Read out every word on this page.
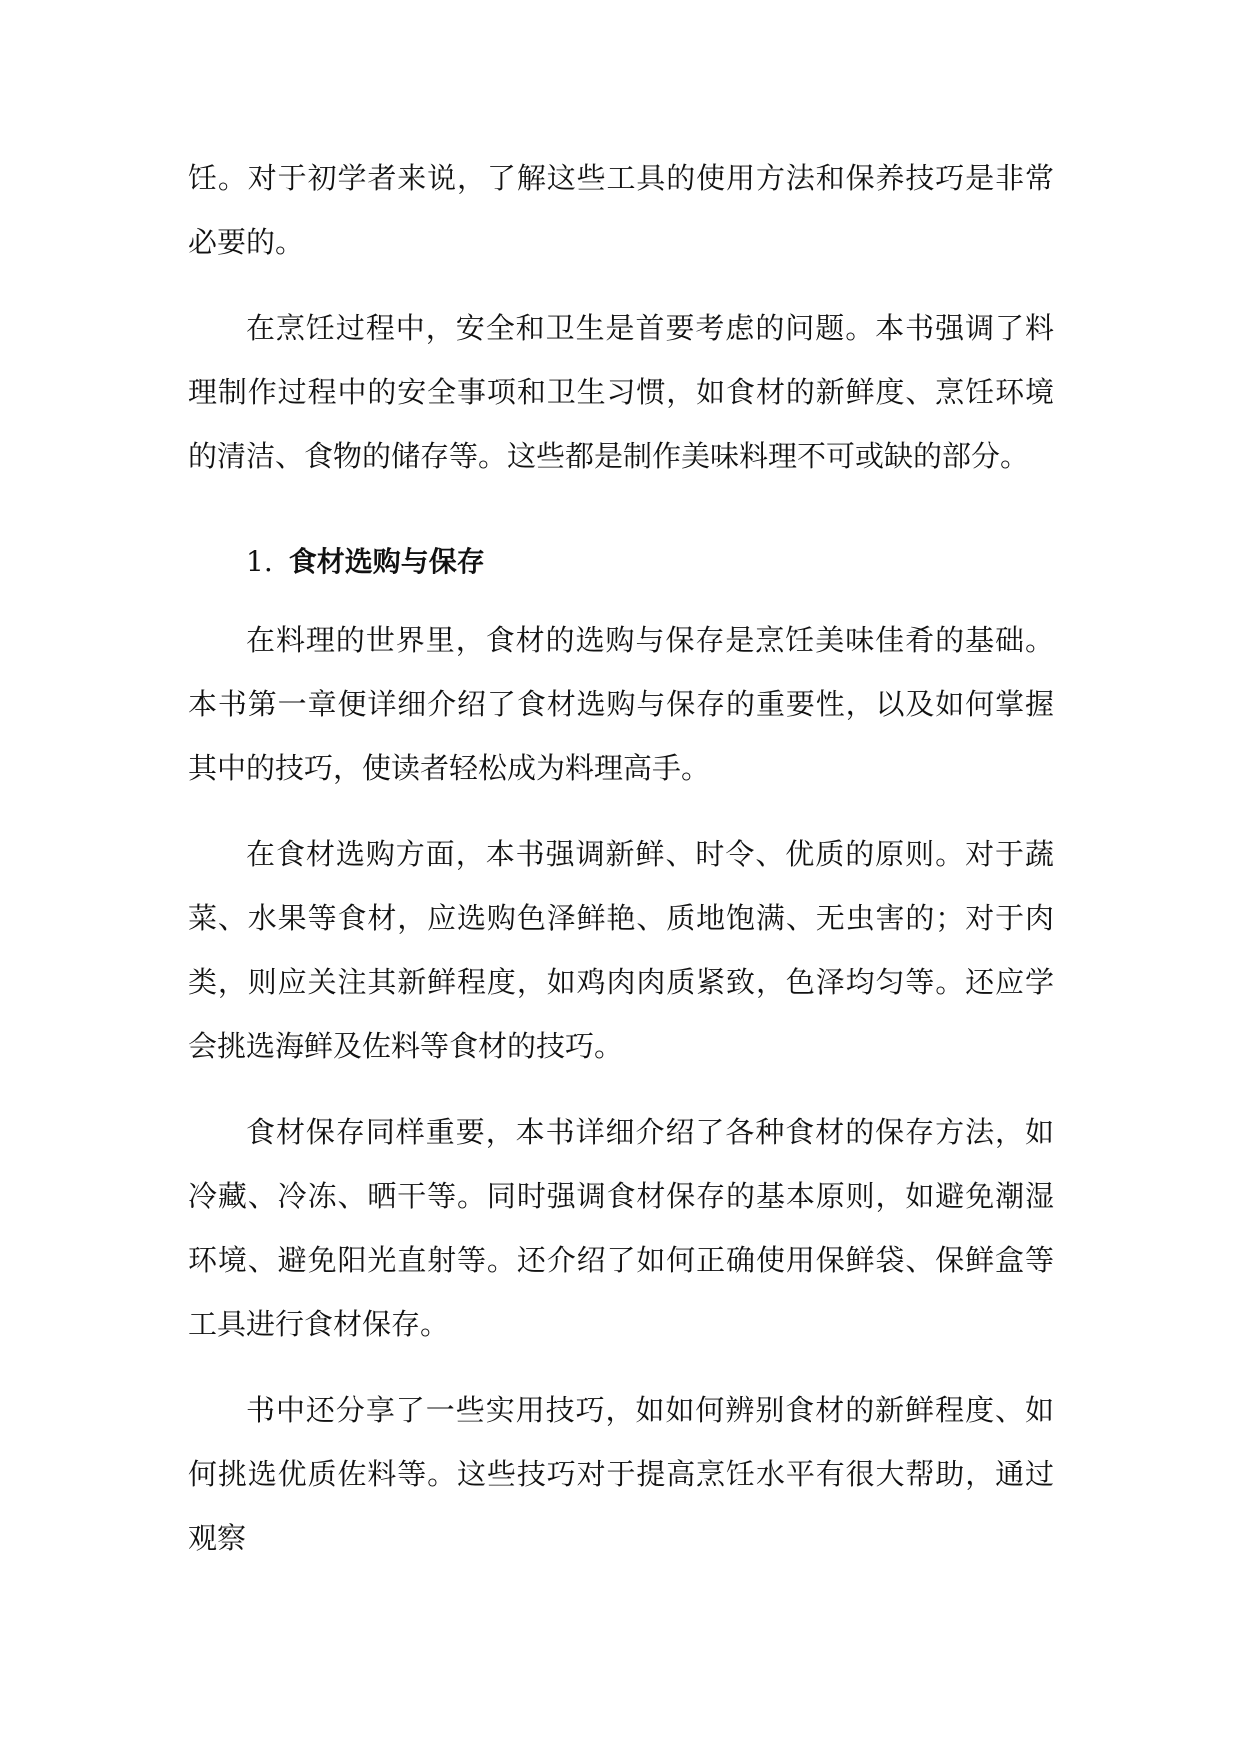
饪。对于初学者来说，了解这些工具的使用方法和保养技巧是非常必要的。

在烹饪过程中，安全和卫生是首要考虑的问题。本书强调了料理制作过程中的安全事项和卫生习惯，如食材的新鲜度、烹饪环境的清洁、食物的储存等。这些都是制作美味料理不可或缺的部分。

1. 食材选购与保存

在料理的世界里，食材的选购与保存是烹饪美味佳肴的基础。本书第一章便详细介绍了食材选购与保存的重要性，以及如何掌握其中的技巧，使读者轻松成为料理高手。

在食材选购方面，本书强调新鲜、时令、优质的原则。对于蔬菜、水果等食材，应选购色泽鲜艳、质地饱满、无虫害的；对于肉类，则应关注其新鲜程度，如鸡肉肉质紧致，色泽均匀等。还应学会挑选海鲜及佐料等食材的技巧。

食材保存同样重要，本书详细介绍了各种食材的保存方法，如冷藏、冷冻、晒干等。同时强调食材保存的基本原则，如避免潮湿环境、避免阳光直射等。还介绍了如何正确使用保鲜袋、保鲜盒等工具进行食材保存。

书中还分享了一些实用技巧，如如何辨别食材的新鲜程度、如何挑选优质佐料等。这些技巧对于提高烹饪水平有很大帮助，通过观察
